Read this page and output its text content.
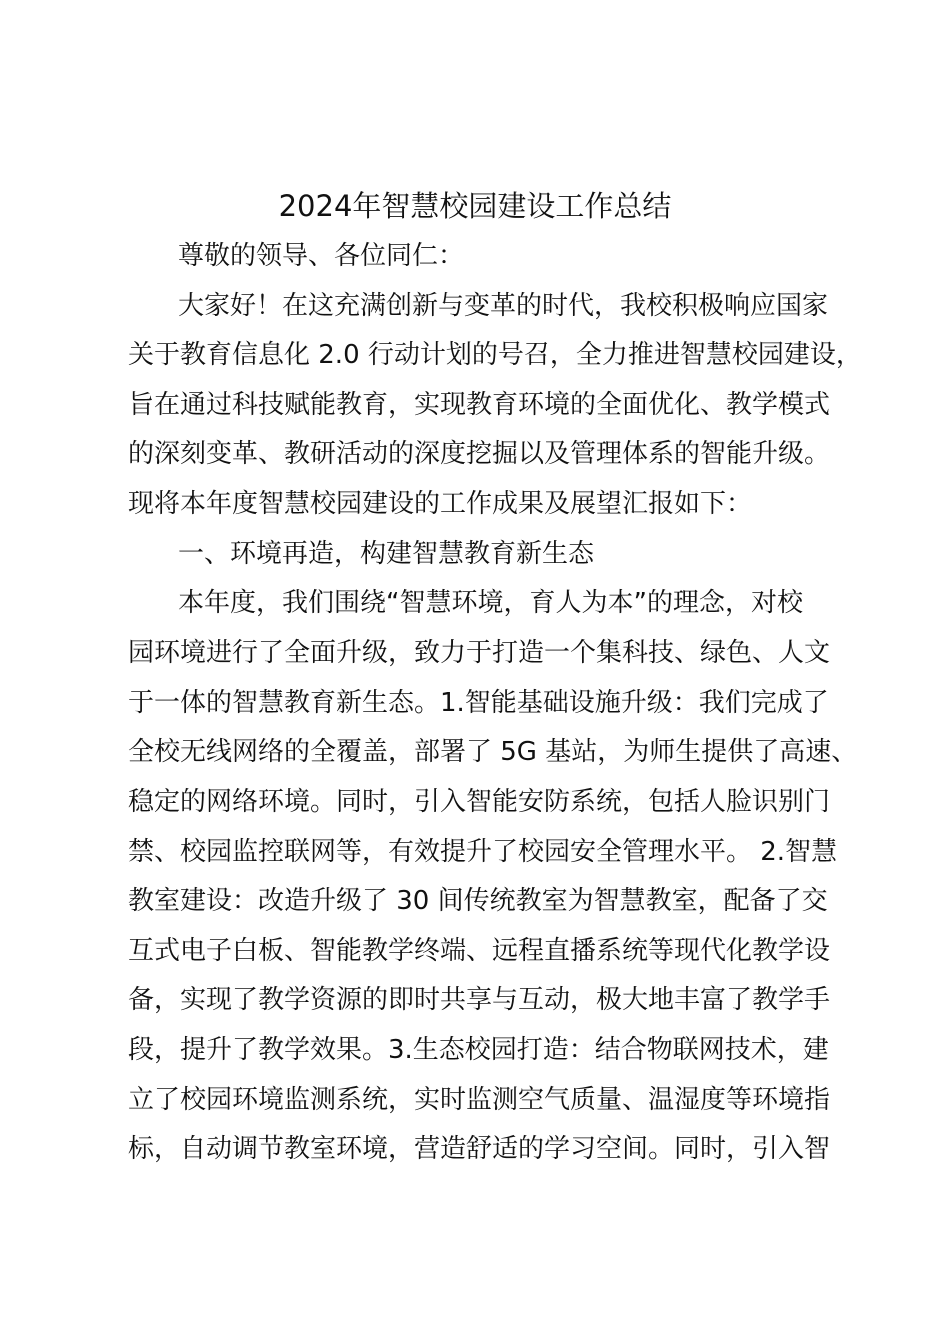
2024年智慧校园建设工作总结
尊敬的领导、各位同仁：
大家好！在这充满创新与变革的时代，我校积极响应国家
关于教育信息化 2.0 行动计划的号召，全力推进智慧校园建设，
旨在通过科技赋能教育，实现教育环境的全面优化、教学模式
的深刻变革、教研活动的深度挖掘以及管理体系的智能升级。
现将本年度智慧校园建设的工作成果及展望汇报如下：
一、环境再造，构建智慧教育新生态
本年度，我们围绕“智慧环境，育人为本”的理念，对校
园环境进行了全面升级，致力于打造一个集科技、绿色、人文
于一体的智慧教育新生态。1.智能基础设施升级：我们完成了
全校无线网络的全覆盖，部署了 5G 基站，为师生提供了高速、
稳定的网络环境。同时，引入智能安防系统，包括人脸识别门
禁、校园监控联网等，有效提升了校园安全管理水平。 2.智慧
教室建设：改造升级了 30 间传统教室为智慧教室，配备了交
互式电子白板、智能教学终端、远程直播系统等现代化教学设
备，实现了教学资源的即时共享与互动，极大地丰富了教学手
段，提升了教学效果。3.生态校园打造：结合物联网技术，建
立了校园环境监测系统，实时监测空气质量、温湿度等环境指
标，自动调节教室环境，营造舒适的学习空间。同时，引入智
